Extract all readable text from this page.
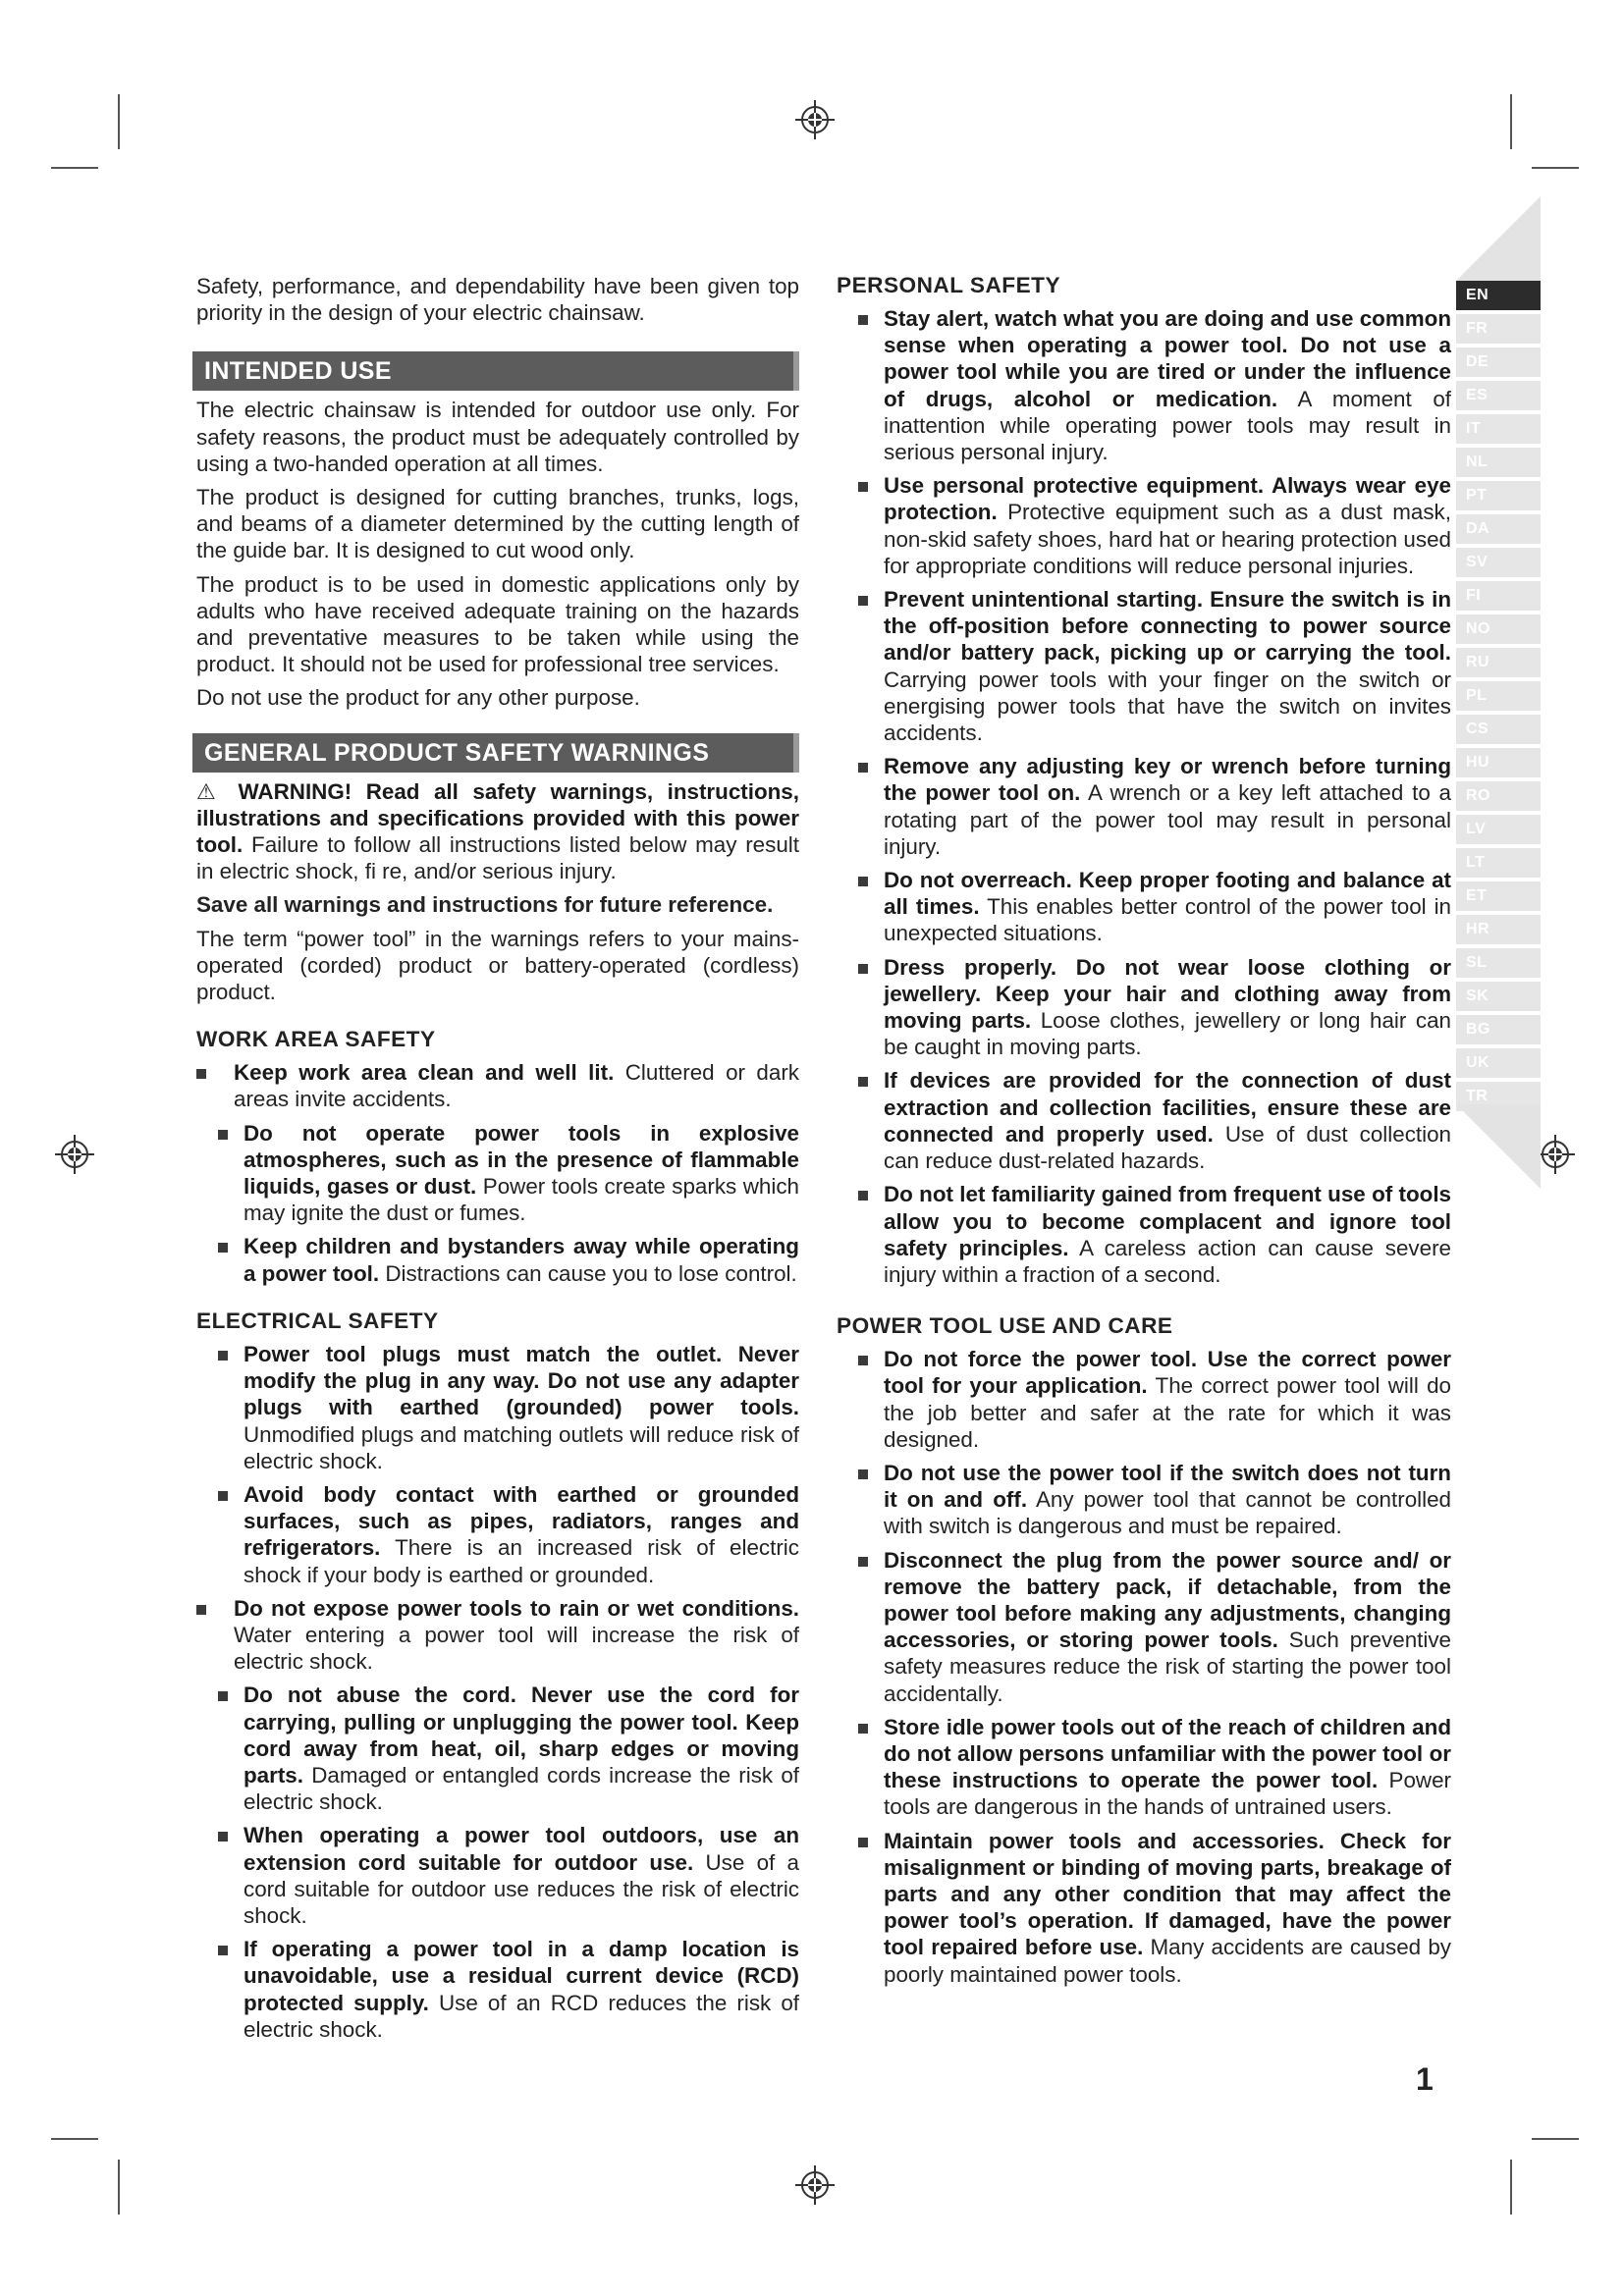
Safety, performance, and dependability have been given top priority in the design of your electric chainsaw.

INTENDED USE

The electric chainsaw is intended for outdoor use only. For safety reasons, the product must be adequately controlled by using a two-handed operation at all times.

The product is designed for cutting branches, trunks, logs, and beams of a diameter determined by the cutting length of the guide bar. It is designed to cut wood only.

The product is to be used in domestic applications only by adults who have received adequate training on the hazards and preventative measures to be taken while using the product. It should not be used for professional tree services.

Do not use the product for any other purpose.

GENERAL PRODUCT SAFETY WARNINGS

⚠ WARNING! Read all safety warnings, instructions, illustrations and specifications provided with this power tool. Failure to follow all instructions listed below may result in electric shock, fi re, and/or serious injury.

Save all warnings and instructions for future reference.

The term “power tool” in the warnings refers to your mains-operated (corded) product or battery-operated (cordless) product.

WORK AREA SAFETY
Keep work area clean and well lit. Cluttered or dark areas invite accidents.
Do not operate power tools in explosive atmospheres, such as in the presence of flammable liquids, gases or dust. Power tools create sparks which may ignite the dust or fumes.
Keep children and bystanders away while operating a power tool. Distractions can cause you to lose control.
ELECTRICAL SAFETY
Power tool plugs must match the outlet. Never modify the plug in any way. Do not use any adapter plugs with earthed (grounded) power tools. Unmodified plugs and matching outlets will reduce risk of electric shock.
Avoid body contact with earthed or grounded surfaces, such as pipes, radiators, ranges and refrigerators. There is an increased risk of electric shock if your body is earthed or grounded.
Do not expose power tools to rain or wet conditions. Water entering a power tool will increase the risk of electric shock.
Do not abuse the cord. Never use the cord for carrying, pulling or unplugging the power tool. Keep cord away from heat, oil, sharp edges or moving parts. Damaged or entangled cords increase the risk of electric shock.
When operating a power tool outdoors, use an extension cord suitable for outdoor use. Use of a cord suitable for outdoor use reduces the risk of electric shock.
If operating a power tool in a damp location is unavoidable, use a residual current device (RCD) protected supply. Use of an RCD reduces the risk of electric shock.
PERSONAL SAFETY
Stay alert, watch what you are doing and use common sense when operating a power tool. Do not use a power tool while you are tired or under the influence of drugs, alcohol or medication. A moment of inattention while operating power tools may result in serious personal injury.
Use personal protective equipment. Always wear eye protection. Protective equipment such as a dust mask, non-skid safety shoes, hard hat or hearing protection used for appropriate conditions will reduce personal injuries.
Prevent unintentional starting. Ensure the switch is in the off-position before connecting to power source and/or battery pack, picking up or carrying the tool. Carrying power tools with your finger on the switch or energising power tools that have the switch on invites accidents.
Remove any adjusting key or wrench before turning the power tool on. A wrench or a key left attached to a rotating part of the power tool may result in personal injury.
Do not overreach. Keep proper footing and balance at all times. This enables better control of the power tool in unexpected situations.
Dress properly. Do not wear loose clothing or jewellery. Keep your hair and clothing away from moving parts. Loose clothes, jewellery or long hair can be caught in moving parts.
If devices are provided for the connection of dust extraction and collection facilities, ensure these are connected and properly used. Use of dust collection can reduce dust-related hazards.
Do not let familiarity gained from frequent use of tools allow you to become complacent and ignore tool safety principles. A careless action can cause severe injury within a fraction of a second.
POWER TOOL USE AND CARE
Do not force the power tool. Use the correct power tool for your application. The correct power tool will do the job better and safer at the rate for which it was designed.
Do not use the power tool if the switch does not turn it on and off. Any power tool that cannot be controlled with switch is dangerous and must be repaired.
Disconnect the plug from the power source and/ or remove the battery pack, if detachable, from the power tool before making any adjustments, changing accessories, or storing power tools. Such preventive safety measures reduce the risk of starting the power tool accidentally.
Store idle power tools out of the reach of children and do not allow persons unfamiliar with the power tool or these instructions to operate the power tool. Power tools are dangerous in the hands of untrained users.
Maintain power tools and accessories. Check for misalignment or binding of moving parts, breakage of parts and any other condition that may affect the power tool’s operation. If damaged, have the power tool repaired before use. Many accidents are caused by poorly maintained power tools.
EN
FR
DE
ES
IT
NL
PT
DA
SV
FI
NO
RU
PL
CS
HU
RO
LV
LT
ET
HR
SL
SK
BG
UK
TR
1
